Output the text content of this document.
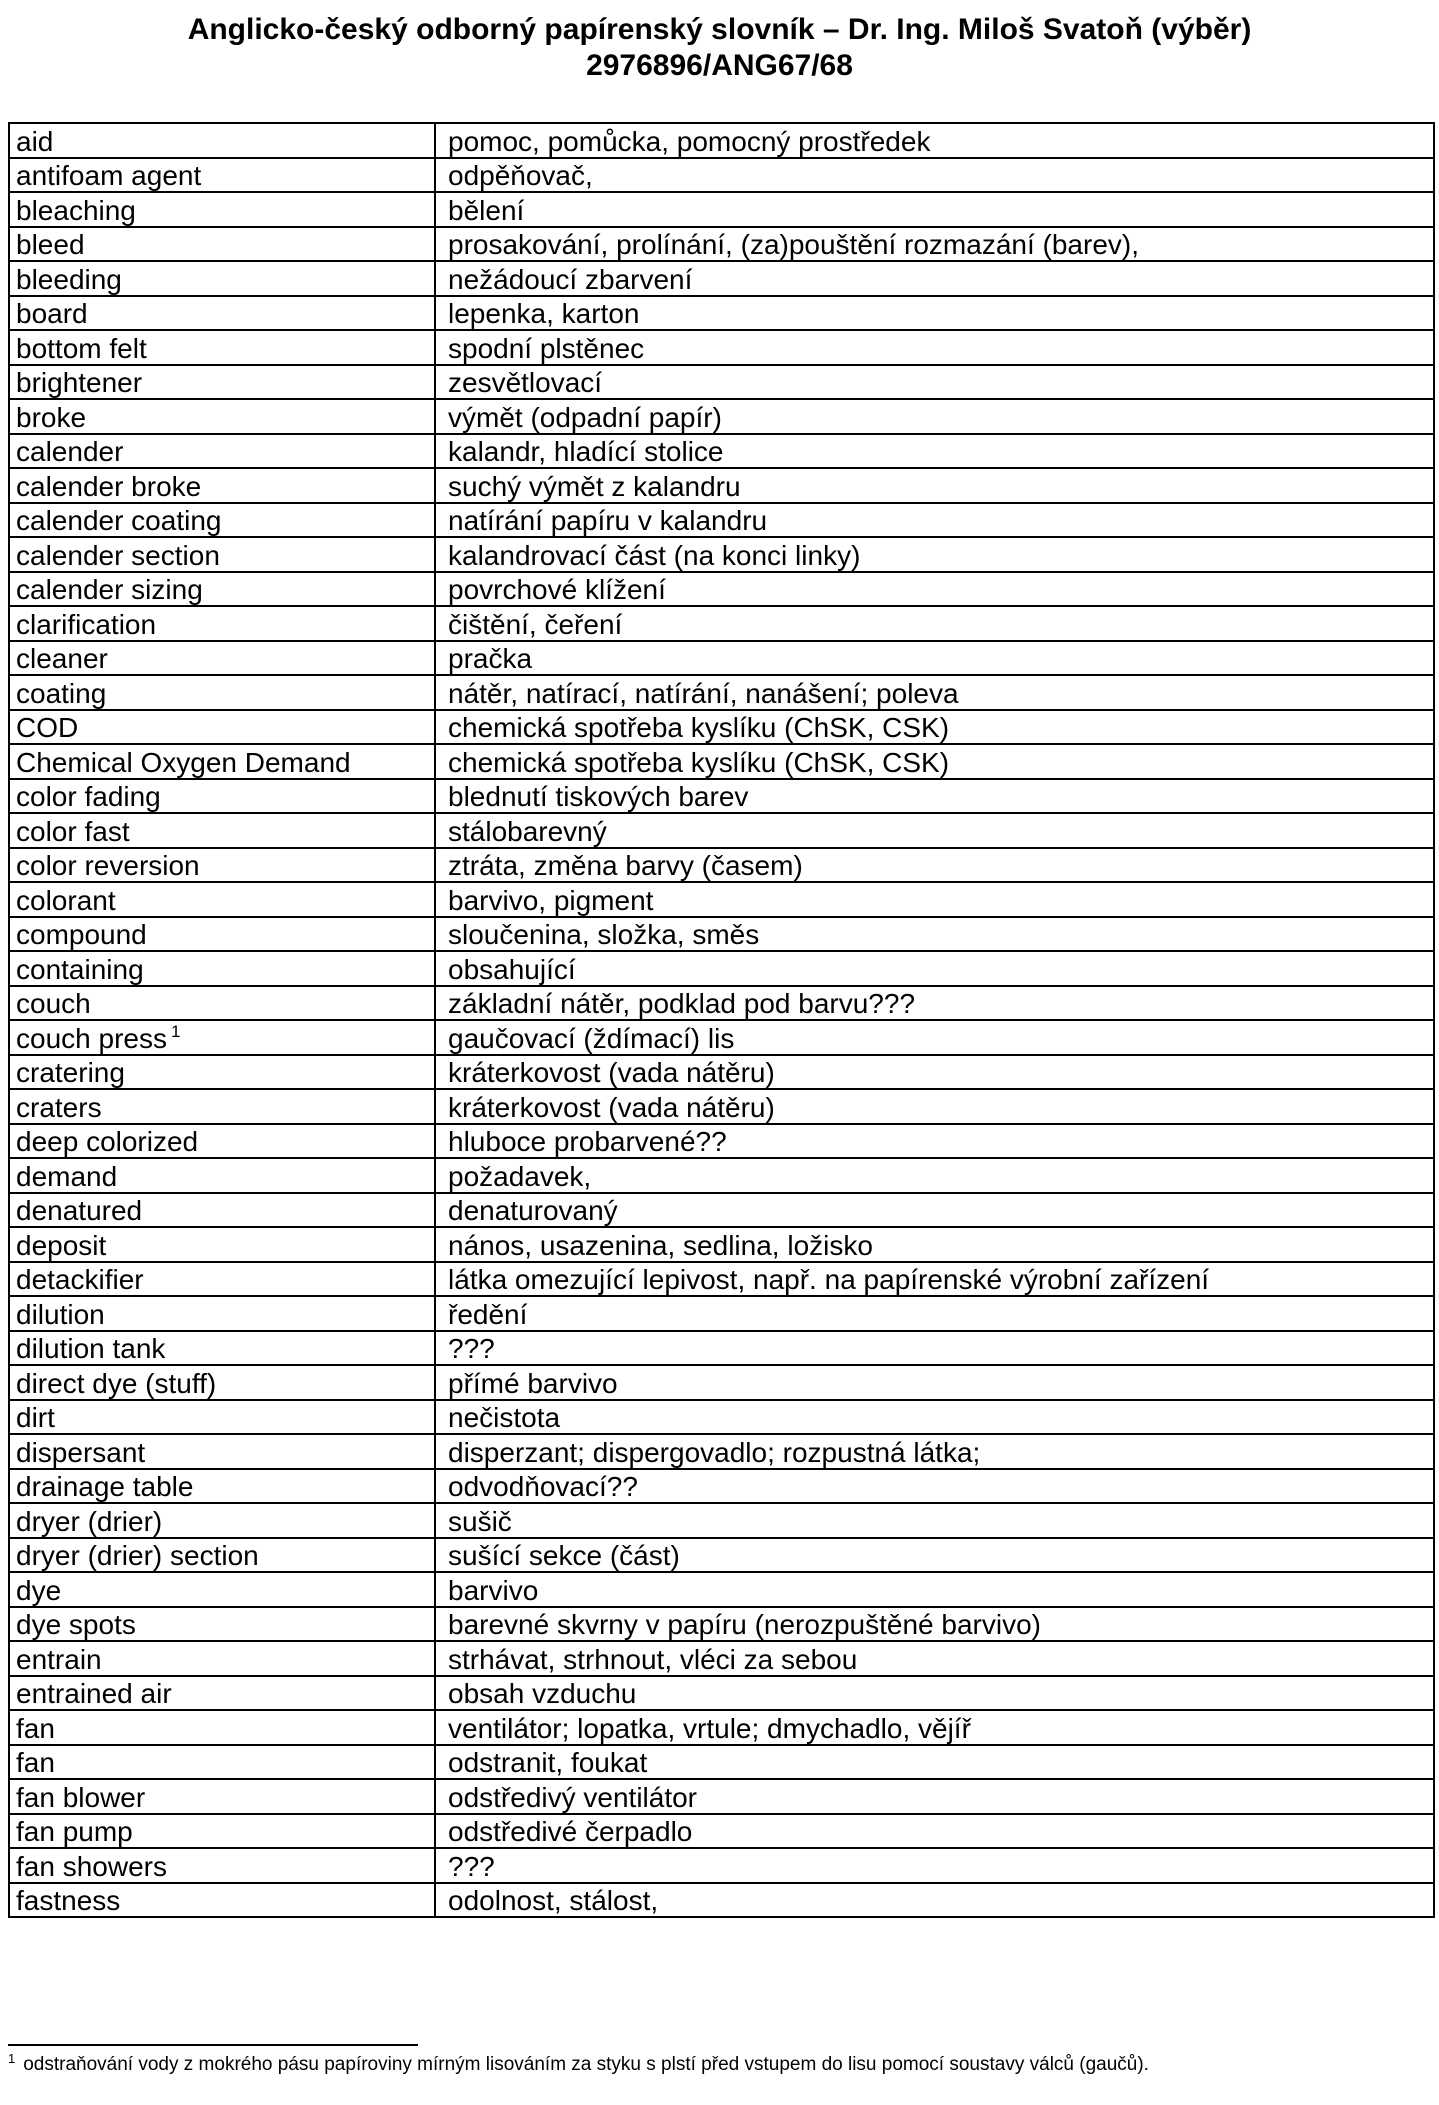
Anglicko-český odborný papírenský slovník – Dr. Ing. Miloš Svatoň (výběr)

2976896/ANG67/68

aid	pomoc, pomůcka, pomocný prostředek
antifoam agent	odpěňovač,
bleaching	bělení
bleed	prosakování, prolínání, (za)pouštění rozmazání (barev),
bleeding	nežádoucí zbarvení
board	lepenka, karton
bottom felt	spodní plstěnec
brightener	zesvětlovací
broke	výmět (odpadní papír)
calender	kalandr, hladící stolice
calender broke	suchý výmět z kalandru
calender coating	natírání papíru v kalandru
calender section	kalandrovací část (na konci linky)
calender sizing	povrchové klížení
clarification	čištění, čeření
cleaner	pračka
coating	nátěr, natírací, natírání, nanášení; poleva
COD	chemická spotřeba kyslíku (ChSK, CSK)
Chemical Oxygen Demand	chemická spotřeba kyslíku (ChSK, CSK)
color fading	blednutí tiskových barev
color fast	stálobarevný
color reversion	ztráta, změna barvy (časem)
colorant	barvivo, pigment
compound	sloučenina, složka, směs
containing	obsahující
couch	základní nátěr, podklad pod barvu???
couch press $^1$	gaučovací (ždímací) lis
cratering	kráterkovost (vada nátěru)
craters	kráterkovost (vada nátěru)
deep colorized	hluboce probarvené??
demand	požadavek,
denatured	denaturovaný
deposit	nános, usazenina, sedlina, ložisko
detackifier	látka omezující lepivost, např. na papírenské výrobní zařízení
dilution	ředění
dilution tank	???
direct dye (stuff)	přímé barvivo
dirt	nečistota
dispersant	disperzant; dispergovadlo; rozpustná látka;
drainage table	odvodňovací??
dryer (drier)	sušič
dryer (drier) section	sušící sekce (část)
dye	barvivo
dye spots	barevné skvrny v papíru (nerozpuštěné barvivo)
entrain	strhávat, strhnout, vléci za sebou
entrained air	obsah vzduchu
fan	ventilátor; lopatka, vrtule; dmychadlo, vějíř
fan	odstranit, foukat
fan blower	odstředivý ventilátor
fan pump	odstředivé čerpadlo
fan showers	???
fastness	odolnost, stálost,
$^1$ odstraňování vody z mokrého pásu papíroviny mírným lisováním za styku s plstí před vstupem do lisu pomocí soustavy válců (gaučů).
